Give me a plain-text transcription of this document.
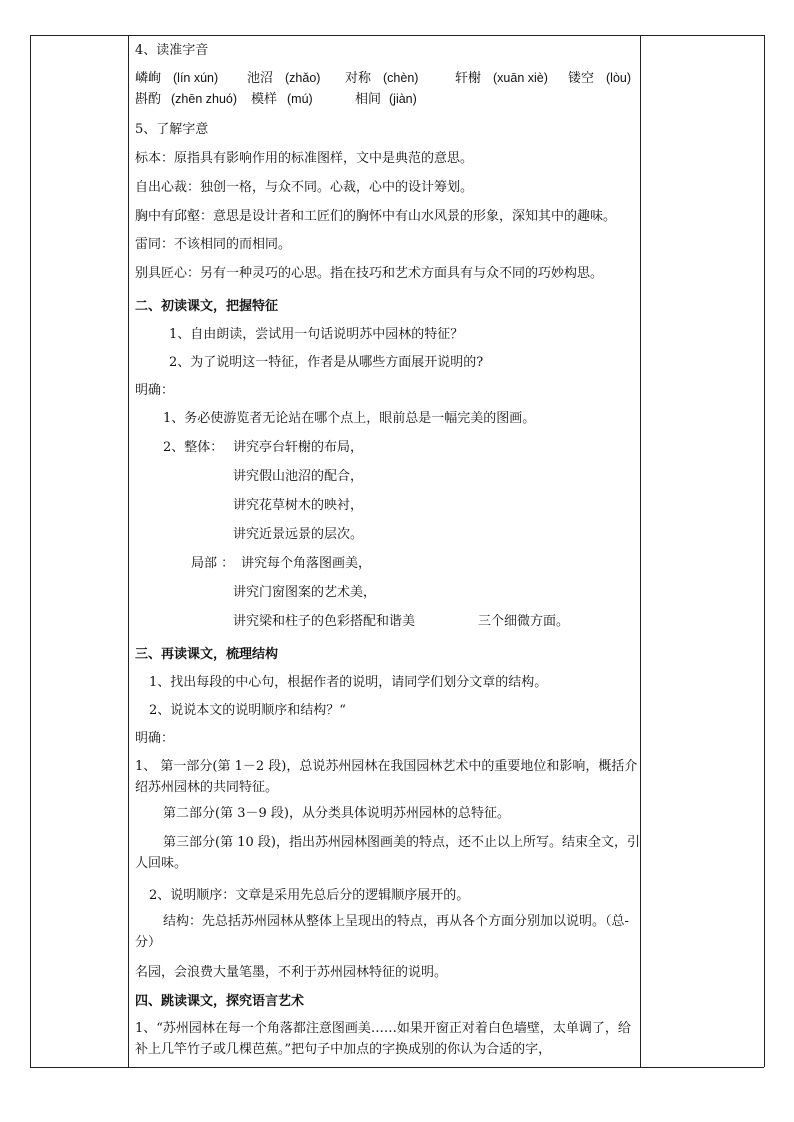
4、读准字音
嶙峋 (lín xún) 池沼 (zhǎo) 对称 (chèn)	轩榭 (xuān xiè) 镂空 (lòu)
斟酌 (zhēn zhuó) 模样 (mú)	相间 (jiàn)
5、了解字意
标本：原指具有影响作用的标准图样，文中是典范的意思。
自出心裁：独创一格，与众不同。心裁，心中的设计筹划。
胸中有邱壑：意思是设计者和工匠们的胸怀中有山水风景的形象，深知其中的趣味。
雷同：不该相同的而相同。
别具匠心：另有一种灵巧的心思。指在技巧和艺术方面具有与众不同的巧妙构思。
二、初读课文，把握特征
1、自由朗读，尝试用一句话说明苏中园林的特征？
2、为了说明这一特征，作者是从哪些方面展开说明的?
明确：
1、务必使游览者无论站在哪个点上，眼前总是一幅完美的图画。
2、整体： 讲究亭台轩榭的布局，
讲究假山池沼的配合，
讲究花草树木的映衬，
讲究近景远景的层次。
局部 ： 讲究每个角落图画美，
讲究门窗图案的艺术美，
讲究梁和柱子的色彩搭配和谐美	三个细微方面。
三、再读课文，梳理结构
1、找出每段的中心句，根据作者的说明，请同学们划分文章的结构。
2、说说本文的说明顺序和结构？“
明确：
1、 第一部分(第 1－2 段)，总说苏州园林在我国园林艺术中的重要地位和影响，概括介绍苏州园林的共同特征。
第二部分(第 3－9 段)，从分类具体说明苏州园林的总特征。
第三部分(第 10 段)，指出苏州园林图画美的特点，还不止以上所写。结束全文，引人回味。
2、说明顺序：文章是采用先总后分的逻辑顺序展开的。
结构：先总括苏州园林从整体上呈现出的特点，再从各个方面分别加以说明。（总-分）
名园，会浪费大量笔墨，不利于苏州园林特征的说明。
四、跳读课文，探究语言艺术
1、“苏州园林在每一个角落都注意图画美……如果开窗正对着白色墙壁，太单调了，给补上几竿竹子或几棵芭蕉。”把句子中加点的字换成别的你认为合适的字，
